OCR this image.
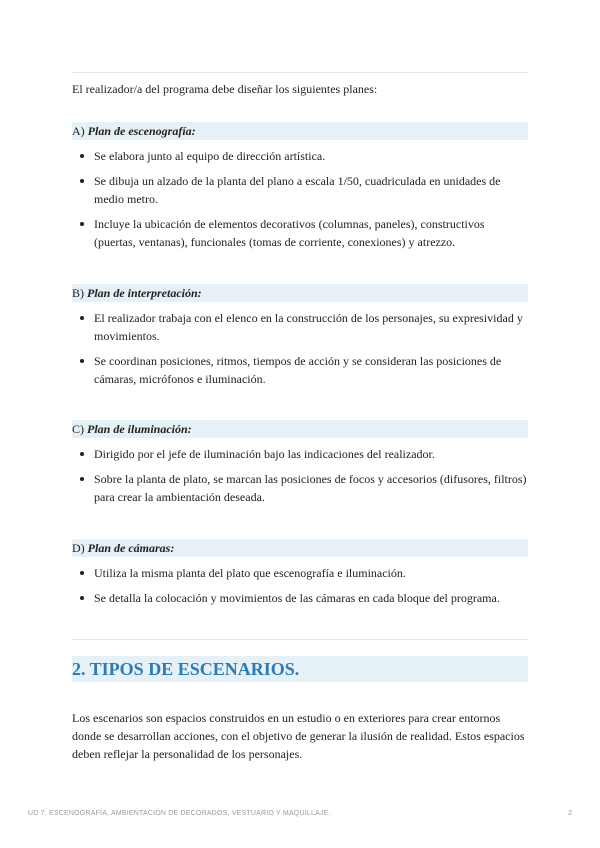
El realizador/a del programa debe diseñar los siguientes planes:

A) Plan de escenografía:
Se elabora junto al equipo de dirección artística.
Se dibuja un alzado de la planta del plano a escala 1/50, cuadriculada en unidades de medio metro.
Incluye la ubicación de elementos decorativos (columnas, paneles), constructivos (puertas, ventanas), funcionales (tomas de corriente, conexiones) y atrezzo.
B) Plan de interpretación:
El realizador trabaja con el elenco en la construcción de los personajes, su expresividad y movimientos.
Se coordinan posiciones, ritmos, tiempos de acción y se consideran las posiciones de cámaras, micrófonos e iluminación.
C) Plan de iluminación:
Dirigido por el jefe de iluminación bajo las indicaciones del realizador.
Sobre la planta de plato, se marcan las posiciones de focos y accesorios (difusores, filtros) para crear la ambientación deseada.
D) Plan de cámaras:
Utiliza la misma planta del plato que escenografía e iluminación.
Se detalla la colocación y movimientos de las cámaras en cada bloque del programa.
2. TIPOS DE ESCENARIOS.

Los escenarios son espacios construidos en un estudio o en exteriores para crear entornos donde se desarrollan acciones, con el objetivo de generar la ilusión de realidad. Estos espacios deben reflejar la personalidad de los personajes.

UD 7. ESCENOGRAFÍA, AMBIENTACIÓN DE DECORADOS, VESTUARIO Y MAQUILLAJE.	2
